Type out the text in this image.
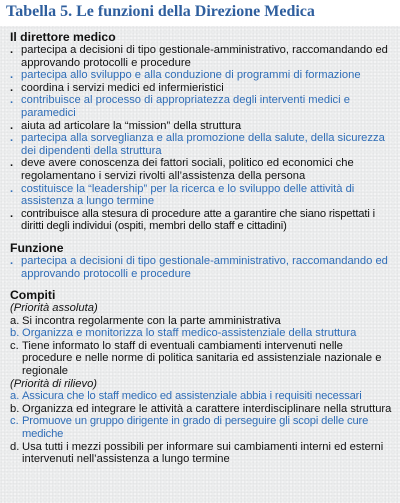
Tabella 5. Le funzioni della Direzione Medica
Il direttore medico
. partecipa a decisioni di tipo gestionale-amministrativo, raccomandando ed approvando protocolli e procedure
. partecipa allo sviluppo e alla conduzione di programmi di formazione
. coordina i servizi medici ed infermieristici
. contribuisce al processo di appropriatezza degli interventi medici e paramedici
. aiuta ad articolare la “mission” della struttura
. partecipa alla sorveglianza e alla promozione della salute, della sicurezza dei dipendenti della struttura
. deve avere conoscenza dei fattori sociali, politico ed economici che regolamentano i servizi rivolti all’assistenza della persona
. costituisce la “leadership” per la ricerca e lo sviluppo delle attività di assistenza a lungo termine
. contribuisce alla stesura di procedure atte a garantire che siano rispettati i diritti degli individui (ospiti, membri dello staff e cittadini)
Funzione
. partecipa a decisioni di tipo gestionale-amministrativo, raccomandando ed approvando protocolli e procedure
Compiti
(Priorità assoluta)
a. Si incontra regolarmente con la parte amministrativa
b. Organizza e monitorizza lo staff medico-assistenziale della struttura
c. Tiene informato lo staff di eventuali cambiamenti intervenuti nelle procedure e nelle norme di politica sanitaria ed assistenziale nazionale e regionale
(Priorità di rilievo)
a. Assicura che lo staff medico ed assistenziale abbia i requisiti necessari
b. Organizza ed integrare le attività a carattere interdisciplinare nella struttura
c. Promuove un gruppo dirigente in grado di perseguire gli scopi delle cure mediche
d. Usa tutti i mezzi possibili per informare sui cambiamenti interni ed esterni intervenuti nell’assistenza a lungo termine
